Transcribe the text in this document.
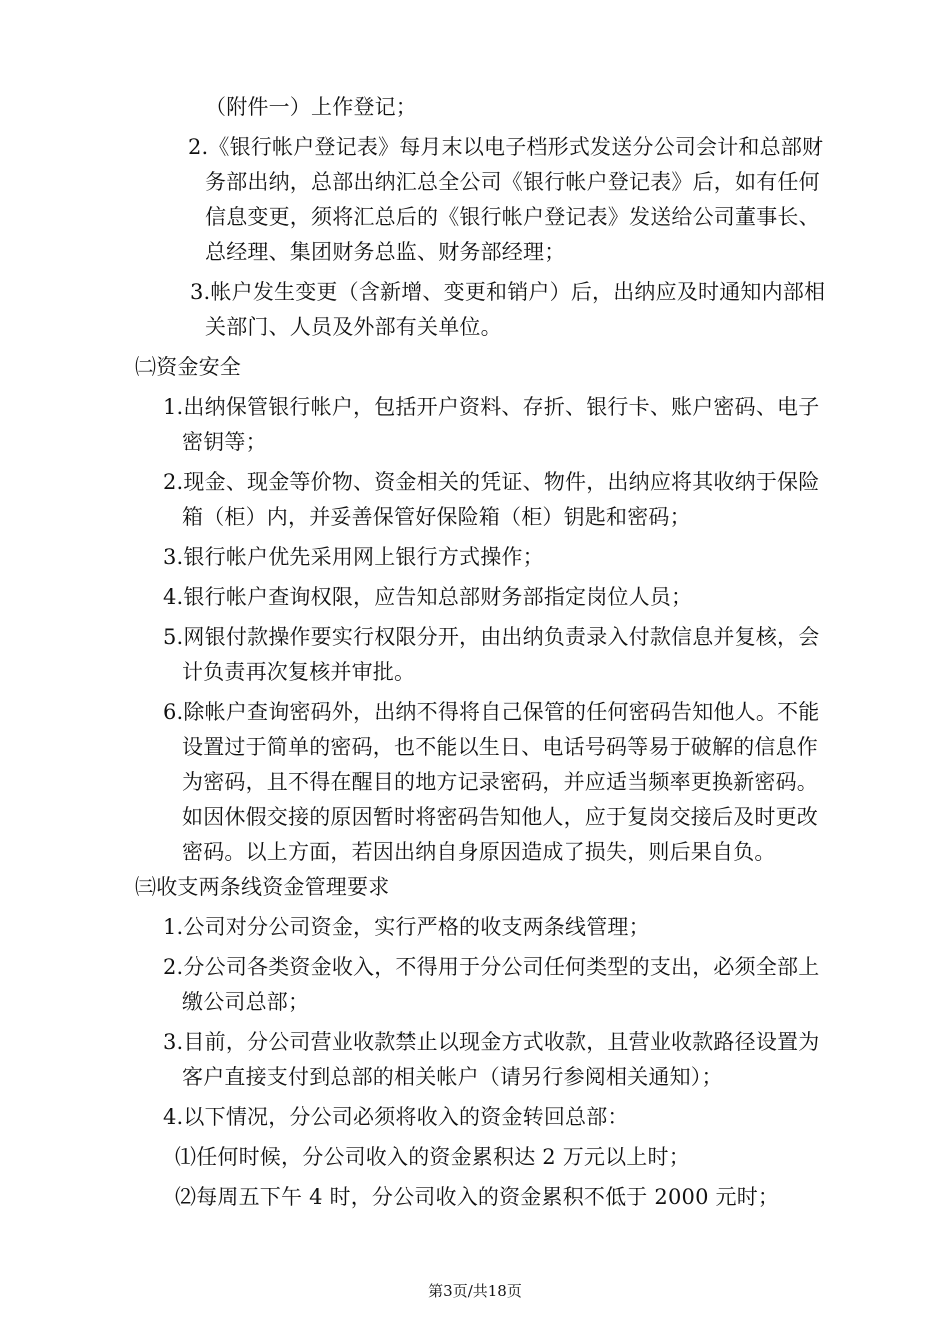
（附件一）上作登记；
2.《银行帐户登记表》每月末以电子档形式发送分公司会计和总部财
务部出纳，总部出纳汇总全公司《银行帐户登记表》后，如有任何
信息变更，须将汇总后的《银行帐户登记表》发送给公司董事长、
总经理、集团财务总监、财务部经理；
3.帐户发生变更（含新增、变更和销户）后，出纳应及时通知内部相
关部门、人员及外部有关单位。
㈡资金安全
1.出纳保管银行帐户，包括开户资料、存折、银行卡、账户密码、电子
密钥等；
2.现金、现金等价物、资金相关的凭证、物件，出纳应将其收纳于保险
箱（柜）内，并妥善保管好保险箱（柜）钥匙和密码；
3.银行帐户优先采用网上银行方式操作；
4.银行帐户查询权限，应告知总部财务部指定岗位人员；
5.网银付款操作要实行权限分开，由出纳负责录入付款信息并复核，会
计负责再次复核并审批。
6.除帐户查询密码外，出纳不得将自己保管的任何密码告知他人。不能
设置过于简单的密码，也不能以生日、电话号码等易于破解的信息作
为密码，且不得在醒目的地方记录密码，并应适当频率更换新密码。
如因休假交接的原因暂时将密码告知他人，应于复岗交接后及时更改
密码。以上方面，若因出纳自身原因造成了损失，则后果自负。
㈢收支两条线资金管理要求
1.公司对分公司资金，实行严格的收支两条线管理；
2.分公司各类资金收入，不得用于分公司任何类型的支出，必须全部上
缴公司总部；
3.目前，分公司营业收款禁止以现金方式收款，且营业收款路径设置为
客户直接支付到总部的相关帐户（请另行参阅相关通知）；
4.以下情况，分公司必须将收入的资金转回总部：
⑴任何时候，分公司收入的资金累积达 2 万元以上时；
⑵每周五下午 4 时，分公司收入的资金累积不低于 2000 元时；
第3页/共18页
